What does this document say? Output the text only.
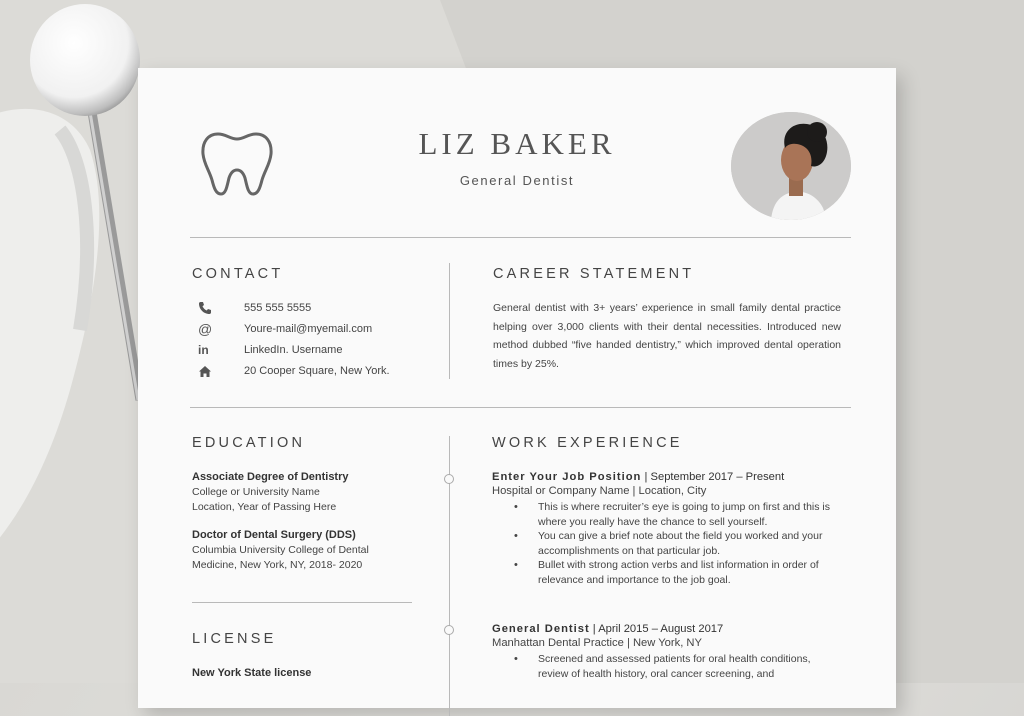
LIZ BAKER
General Dentist
CONTACT
555 555 5555
@	Youre-mail@myemail.com
in	LinkedIn. Username
20 Cooper Square, New York.
CAREER STATEMENT
General dentist with 3+ years’ experience in small family dental practice helping over 3,000 clients with their dental necessities. Introduced new method dubbed “five handed dentistry,” which improved dental operation times by 25%.
EDUCATION
Associate Degree of Dentistry
College or University Name
Location, Year of Passing Here
Doctor of Dental Surgery (DDS)
Columbia University College of Dental
Medicine, New York, NY, 2018- 2020
LICENSE
New York State license
WORK EXPERIENCE
Enter Your Job Position | September 2017 – Present
Hospital or Company Name | Location, City
• This is where recruiter’s eye is going to jump on first and this is where you really have the chance to sell yourself.
• You can give a brief note about the field you worked and your accomplishments on that particular job.
• Bullet with strong action verbs and list information in order of relevance and importance to the job goal.
General Dentist | April 2015 – August 2017
Manhattan Dental Practice | New York, NY
• Screened and assessed patients for oral health conditions, review of health history, oral cancer screening, and
